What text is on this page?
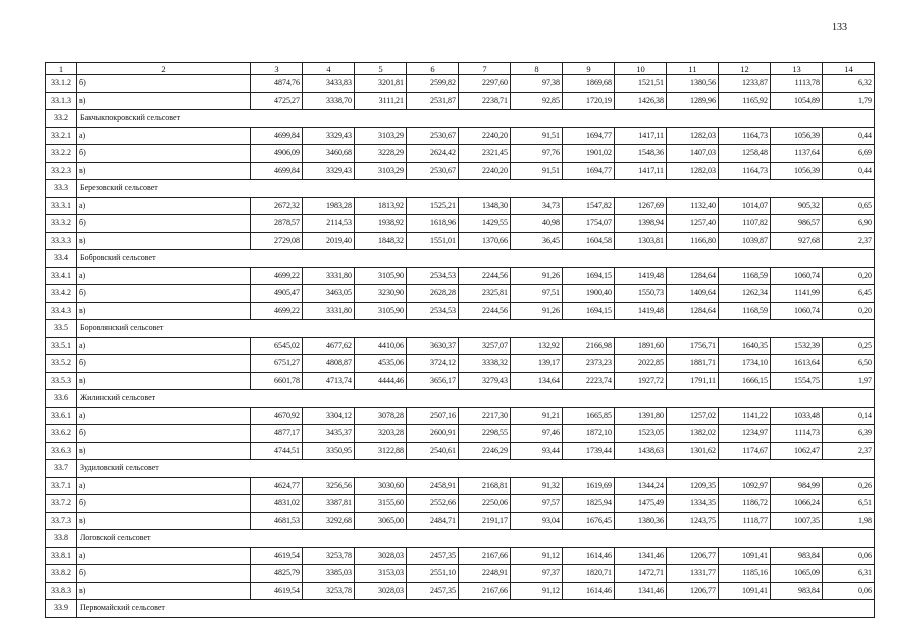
133
1	2	3	4	5	6	7	8	9	10	11	12	13	14
33.1.2	б)	4874,76	3433,83	3201,81	2599,82	2297,60	97,38	1869,68	1521,51	1380,56	1233,87	1113,78	6,32
33.1.3	в)	4725,27	3338,70	3111,21	2531,87	2238,71	92,85	1720,19	1426,38	1289,96	1165,92	1054,89	1,79
33.2	Бакчыкпокровский сельсовет												
33.2.1	а)	4699,84	3329,43	3103,29	2530,67	2240,20	91,51	1694,77	1417,11	1282,03	1164,73	1056,39	0,44
33.2.2	б)	4906,09	3460,68	3228,29	2624,42	2321,45	97,76	1901,02	1548,36	1407,03	1258,48	1137,64	6,69
33.2.3	в)	4699,84	3329,43	3103,29	2530,67	2240,20	91,51	1694,77	1417,11	1282,03	1164,73	1056,39	0,44
33.3	Березовский сельсовет												
33.3.1	а)	2672,32	1983,28	1813,92	1525,21	1348,30	34,73	1547,82	1267,69	1132,40	1014,07	905,32	0,65
33.3.2	б)	2878,57	2114,53	1938,92	1618,96	1429,55	40,98	1754,07	1398,94	1257,40	1107,82	986,57	6,90
33.3.3	в)	2729,08	2019,40	1848,32	1551,01	1370,66	36,45	1604,58	1303,81	1166,80	1039,87	927,68	2,37
33.4	Бобровский сельсовет												
33.4.1	а)	4699,22	3331,80	3105,90	2534,53	2244,56	91,26	1694,15	1419,48	1284,64	1168,59	1060,74	0,20
33.4.2	б)	4905,47	3463,05	3230,90	2628,28	2325,81	97,51	1900,40	1550,73	1409,64	1262,34	1141,99	6,45
33.4.3	в)	4699,22	3331,80	3105,90	2534,53	2244,56	91,26	1694,15	1419,48	1284,64	1168,59	1060,74	0,20
33.5	Боровлянский сельсовет												
33.5.1	а)	6545,02	4677,62	4410,06	3630,37	3257,07	132,92	2166,98	1891,60	1756,71	1640,35	1532,39	0,25
33.5.2	б)	6751,27	4808,87	4535,06	3724,12	3338,32	139,17	2373,23	2022,85	1881,71	1734,10	1613,64	6,50
33.5.3	в)	6601,78	4713,74	4444,46	3656,17	3279,43	134,64	2223,74	1927,72	1791,11	1666,15	1554,75	1,97
33.6	Жилинский сельсовет												
33.6.1	а)	4670,92	3304,12	3078,28	2507,16	2217,30	91,21	1665,85	1391,80	1257,02	1141,22	1033,48	0,14
33.6.2	б)	4877,17	3435,37	3203,28	2600,91	2298,55	97,46	1872,10	1523,05	1382,02	1234,97	1114,73	6,39
33.6.3	в)	4744,51	3350,95	3122,88	2540,61	2246,29	93,44	1739,44	1438,63	1301,62	1174,67	1062,47	2,37
33.7	Зудиловский сельсовет												
33.7.1	а)	4624,77	3256,56	3030,60	2458,91	2168,81	91,32	1619,69	1344,24	1209,35	1092,97	984,99	0,26
33.7.2	б)	4831,02	3387,81	3155,60	2552,66	2250,06	97,57	1825,94	1475,49	1334,35	1186,72	1066,24	6,51
33.7.3	в)	4681,53	3292,68	3065,00	2484,71	2191,17	93,04	1676,45	1380,36	1243,75	1118,77	1007,35	1,98
33.8	Логовской сельсовет												
33.8.1	а)	4619,54	3253,78	3028,03	2457,35	2167,66	91,12	1614,46	1341,46	1206,77	1091,41	983,84	0,06
33.8.2	б)	4825,79	3385,03	3153,03	2551,10	2248,91	97,37	1820,71	1472,71	1331,77	1185,16	1065,09	6,31
33.8.3	в)	4619,54	3253,78	3028,03	2457,35	2167,66	91,12	1614,46	1341,46	1206,77	1091,41	983,84	0,06
33.9	Первомайский сельсовет												
